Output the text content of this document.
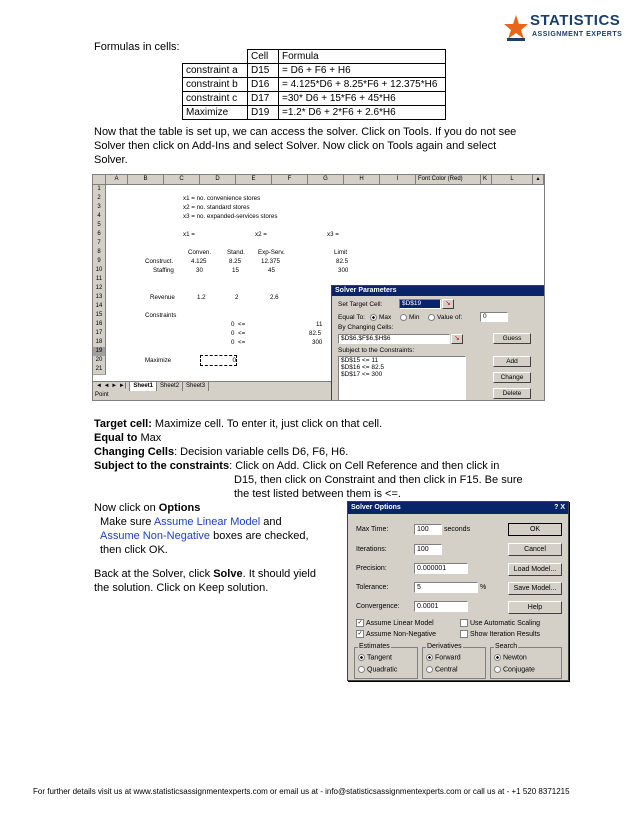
STATISTICS
ASSIGNMENT EXPERTS
Formulas in cells:
	Cell	Formula
constraint a	D15	= D6 + F6 + H6
constraint b	D16	= 4.125*D6 + 8.25*F6 + 12.375*H6
constraint c	D17	=30* D6 + 15*F6 + 45*H6
Maximize	D19	=1.2* D6 + 2*F6 + 2.6*H6
Now that the table is set up, we can access the solver. Click on Tools. If you do not see
Solver then click on Add-Ins and select Solver. Now click on Tools again and select
Solver.
A	B	C	D	E	F	G	H	I	Font Color (Red)	K	L	▴
1
2
3
4
5
6
7
8
9
10
11
12
13
14
15
16
17
18
19
20
21
x1 = no. convenience stores
x2 = no. standard stores
x3 = no. expanded-services stores
x1 =	x2 =	x3 =
Conven.	Stand. Exp-Serv.	Limit
Construct.	4.125	8.25	12.375	82.5
Staffing	30	15	45	300
Revenue	1.2	2	2.6
Constraints
0 <=	11
0 <=	82.5
0 <=	300
Maximize	0
◄ ◄ ► ►| Sheet1 Sheet2 Sheet3
Point
Solver Parameters
Set Target Cell:	$D$19	↘
Equal To:	Max	Min	Value of:	0
By Changing Cells:
$D$6,$F$6,$H$6	↘	Guess
Subject to the Constraints:
$D$15 <= 11
$D$16 <= 82.5
$D$17 <= 300
Add
Change
Delete
Target cell: Maximize cell. To enter it, just click on that cell.
Equal to Max
Changing Cells: Decision variable cells D6, F6, H6.
Subject to the constraints: Click on Add. Click on Cell Reference and then click in
D15, then click on Constraint and then click in F15. Be sure
the test listed between them is <=.
Now click on Options
Make sure Assume Linear Model and
Assume Non-Negative boxes are checked,
then click OK.
Back at the Solver, click Solve. It should yield
the solution. Click on Keep solution.
Solver Options	? X
Max Time:	100	seconds	OK
Iterations:	100	Cancel
Precision:	0.000001	Load Model...
Tolerance:	5	%	Save Model...
Convergence:	0.0001	Help
✓ Assume Linear Model	Use Automatic Scaling
✓ Assume Non-Negative	Show Iteration Results
Estimates
Tangent
Quadratic
Derivatives
Forward
Central
Search
Newton
Conjugate
For further details visit us at www.statisticsassignmentexperts.com or email us at - info@statisticsassignmentexperts.com or call us at - +1 520 8371215
